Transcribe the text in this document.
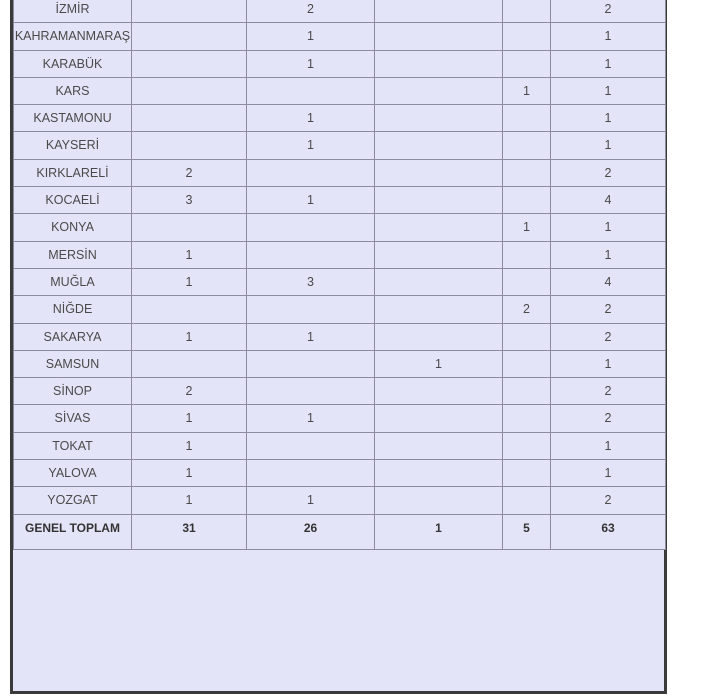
İZMİR		2			2
KAHRAMANMARAŞ		1			1
KARABÜK		1			1
KARS				1	1
KASTAMONU		1			1
KAYSERİ		1			1
KIRKLARELİ	2				2
KOCAELİ	3	1			4
KONYA				1	1
MERSİN	1				1
MUĞLA	1	3			4
NİĞDE				2	2
SAKARYA	1	1			2
SAMSUN			1		1
SİNOP	2				2
SİVAS	1	1			2
TOKAT	1				1
YALOVA	1				1
YOZGAT	1	1			2
GENEL TOPLAM	31	26	1	5	63
